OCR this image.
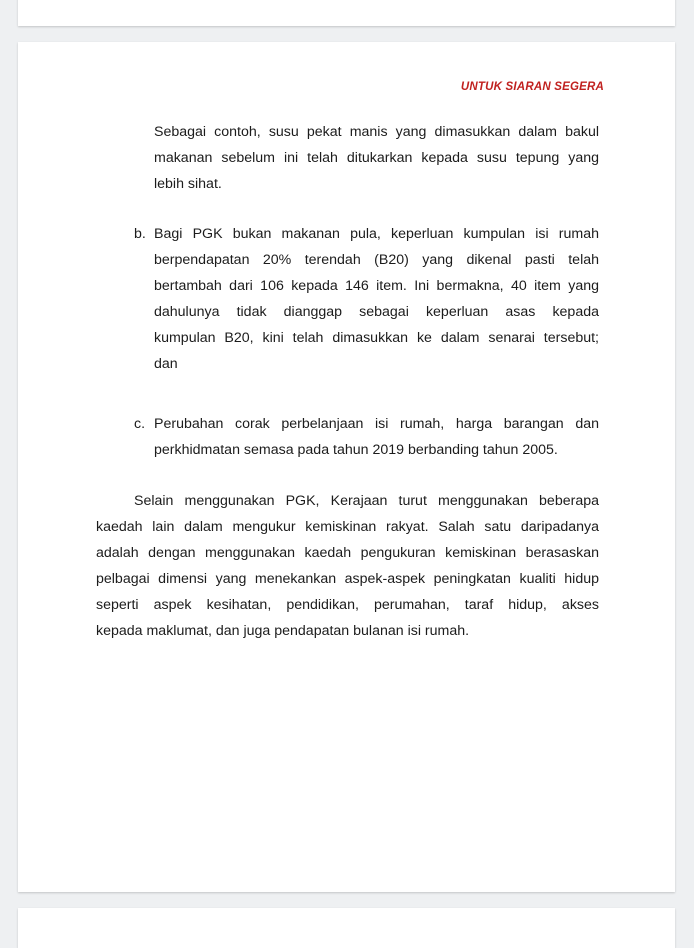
UNTUK SIARAN SEGERA

Sebagai contoh, susu pekat manis yang dimasukkan dalam bakul
makanan sebelum ini telah ditukarkan kepada susu tepung yang
lebih sihat.

b. Bagi PGK bukan makanan pula, keperluan kumpulan isi rumah
berpendapatan 20% terendah (B20) yang dikenal pasti telah
bertambah dari 106 kepada 146 item. Ini bermakna, 40 item yang
dahulunya tidak dianggap sebagai keperluan asas kepada
kumpulan B20, kini telah dimasukkan ke dalam senarai tersebut;
dan

c. Perubahan corak perbelanjaan isi rumah, harga barangan dan
perkhidmatan semasa pada tahun 2019 berbanding tahun 2005.

Selain menggunakan PGK, Kerajaan turut menggunakan beberapa
kaedah lain dalam mengukur kemiskinan rakyat. Salah satu daripadanya
adalah dengan menggunakan kaedah pengukuran kemiskinan berasaskan
pelbagai dimensi yang menekankan aspek-aspek peningkatan kualiti hidup
seperti aspek kesihatan, pendidikan, perumahan, taraf hidup, akses
kepada maklumat, dan juga pendapatan bulanan isi rumah.
